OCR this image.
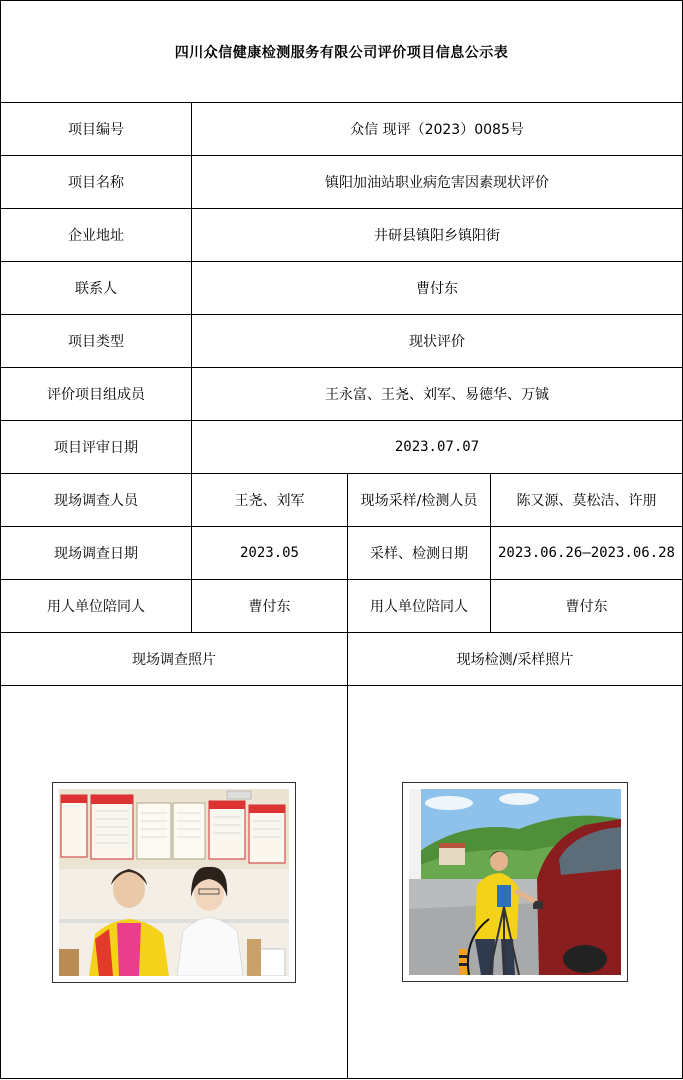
四川众信健康检测服务有限公司评价项目信息公示表			
项目编号	众信 现评（2023）0085号		
项目名称	镇阳加油站职业病危害因素现状评价		
企业地址	井研县镇阳乡镇阳街		
联系人	曹付东		
项目类型	现状评价		
评价项目组成员	王永富、王尧、刘军、易德华、万铖		
项目评审日期	2023.07.07		
现场调查人员	王尧、刘军	现场采样/检测人员	陈又源、莫松洁、许朋
现场调查日期	2023.05	采样、检测日期	2023.06.26—2023.06.28
用人单位陪同人	曹付东	用人单位陪同人	曹付东
现场调查照片		现场检测/采样照片	
